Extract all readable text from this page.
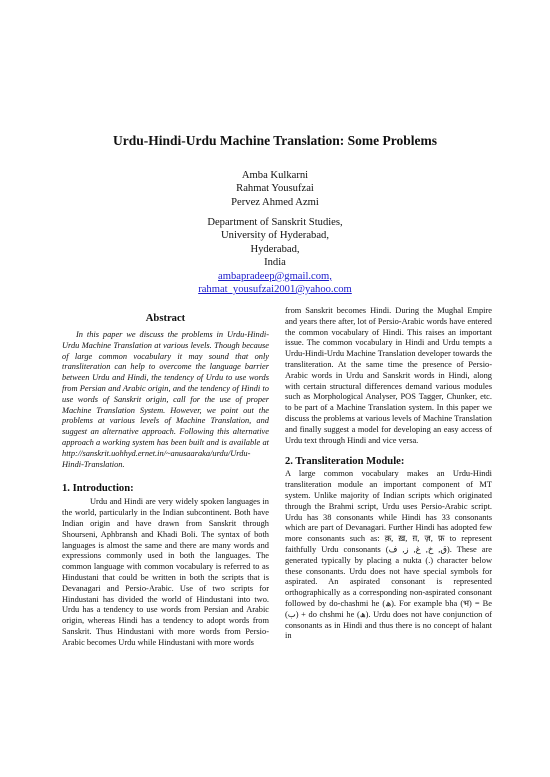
Urdu-Hindi-Urdu Machine Translation: Some Problems
Amba Kulkarni
Rahmat Yousufzai
Pervez Ahmed Azmi
Department of Sanskrit Studies,
University of Hyderabad,
Hyderabad,
India
ambapradeep@gmail.com,
rahmat_yousufzai2001@yahoo.com
Abstract

In this paper we discuss the problems in Urdu-Hindi-Urdu Machine Translation at various levels. Though because of large common vocabulary it may sound that only transliteration can help to overcome the language barrier between Urdu and Hindi, the tendency of Urdu to use words from Persian and Arabic origin, and the tendency of Hindi to use words of Sanskrit origin, call for the use of proper Machine Translation System. However, we point out the problems at various levels of Machine Translation, and suggest an alternative approach. Following this alternative approach a working system has been built and is available at http://sanskrit.uohhyd.ernet.in/~anusaaraka/urdu/Urdu-Hindi-Translation.

1. Introduction:

Urdu and Hindi are very widely spoken languages in the world, particularly in the Indian subcontinent. Both have Indian origin and have drawn from Sanskrit through Shourseni, Aphbransh and Khadi Boli. The syntax of both languages is almost the same and there are many words and expressions commonly used in both the languages. The common language with common vocabulary is referred to as Hindustani that could be written in both the scripts that is Devanagari and Persio-Arabic. Use of two scripts for Hindustani has divided the world of Hindustani into two. Urdu has a tendency to use words from Persian and Arabic origin, whereas Hindi has a tendency to adopt words from Sanskrit. Thus Hindustani with more words from Persio-Arabic becomes Urdu while Hindustani with more words

from Sanskrit becomes Hindi. During the Mughal Empire and years there after, lot of Persio-Arabic words have entered the common vocabulary of Hindi. This raises an important issue. The common vocabulary in Hindi and Urdu tempts a Urdu-Hindi-Urdu Machine Translation developer towards the transliteration. At the same time the presence of Persio-Arabic words in Urdu and Sanskrit words in Hindi, along with certain structural differences demand various modules such as Morphological Analyser, POS Tagger, Chunker, etc. to be part of a Machine Translation system. In this paper we discuss the problems at various levels of Machine Translation and finally suggest a model for developing an easy access of Urdu text through Hindi and vice versa.

2. Transliteration Module:

A large common vocabulary makes an Urdu-Hindi transliteration module an important component of MT system. Unlike majority of Indian scripts which originated through the Brahmi script, Urdu uses Persio-Arabic script. Urdu has 38 consonants while Hindi has 33 consonants which are part of Devanagari. Further Hindi has adopted few more consonants such as: क़, ख़, ग़, ज़, फ़ to represent faithfully Urdu consonants (ق, خ, غ, ز, ف). These are generated typically by placing a nukta (.) character below these consonants. Urdu does not have special symbols for aspirated. An aspirated consonant is represented orthographically as a corresponding non-aspirated consonant followed by do-chashmi he (ھ). For example bha (भ) = Be (ب) + do chshmi he (ھ). Urdu does not have conjunction of consonants as in Hindi and thus there is no concept of halant in
